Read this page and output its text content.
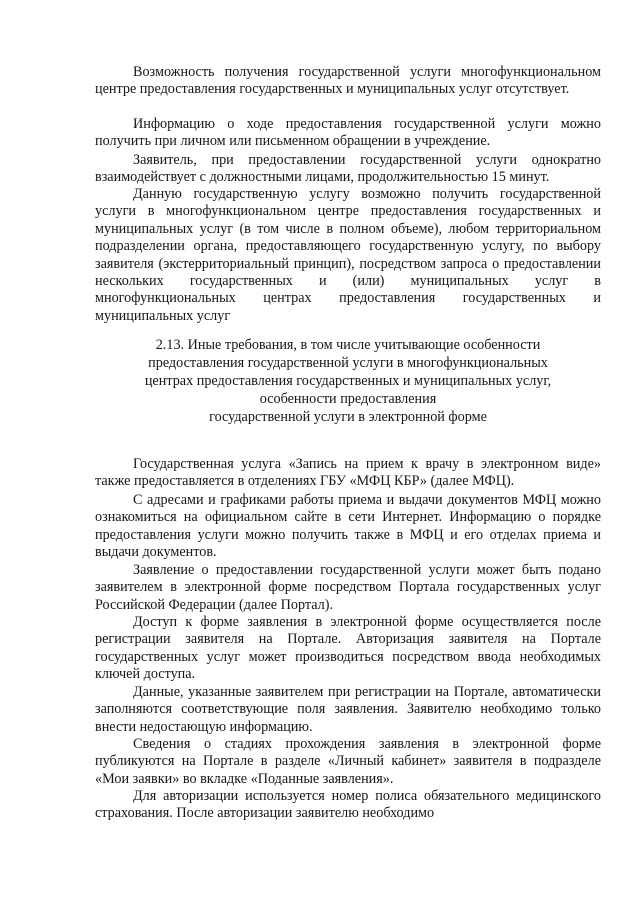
Возможность получения государственной услуги многофункциональном центре предоставления государственных и муниципальных услуг отсутствует.

Информацию о ходе предоставления государственной услуги можно получить при личном или письменном обращении в учреждение.

Заявитель, при предоставлении государственной услуги однократно взаимодействует с должностными лицами, продолжительностью 15 минут.

Данную государственную услугу возможно получить государственной услуги в многофункциональном центре предоставления государственных и муниципальных услуг (в том числе в полном объеме), любом территориальном подразделении органа, предоставляющего государственную услугу, по выбору заявителя (экстерриториальный принцип), посредством запроса о предоставлении нескольких государственных и (или) муниципальных услуг в многофункциональных центрах предоставления государственных и муниципальных услуг

2.13. Иные требования, в том числе учитывающие особенности
предоставления государственной услуги в многофункциональных
центрах предоставления государственных и муниципальных услуг,
особенности предоставления
государственной услуги в электронной форме

Государственная услуга «Запись на прием к врачу в электронном виде» также предоставляется в отделениях ГБУ «МФЦ КБР» (далее МФЦ).

С адресами и графиками работы приема и выдачи документов МФЦ можно ознакомиться на официальном сайте в сети Интернет. Информацию о порядке предоставления услуги можно получить также в МФЦ и его отделах приема и выдачи документов.

Заявление о предоставлении государственной услуги может быть подано заявителем в электронной форме посредством Портала государственных услуг Российской Федерации (далее Портал).

Доступ к форме заявления в электронной форме осуществляется после регистрации заявителя на Портале. Авторизация заявителя на Портале государственных услуг может производиться посредством ввода необходимых ключей доступа.

Данные, указанные заявителем при регистрации на Портале, автоматически заполняются соответствующие поля заявления. Заявителю необходимо только внести недостающую информацию.

Сведения о стадиях прохождения заявления в электронной форме публикуются на Портале в разделе «Личный кабинет» заявителя в подразделе «Мои заявки» во вкладке «Поданные заявления».

Для авторизации используется номер полиса обязательного медицинского страхования. После авторизации заявителю необходимо
